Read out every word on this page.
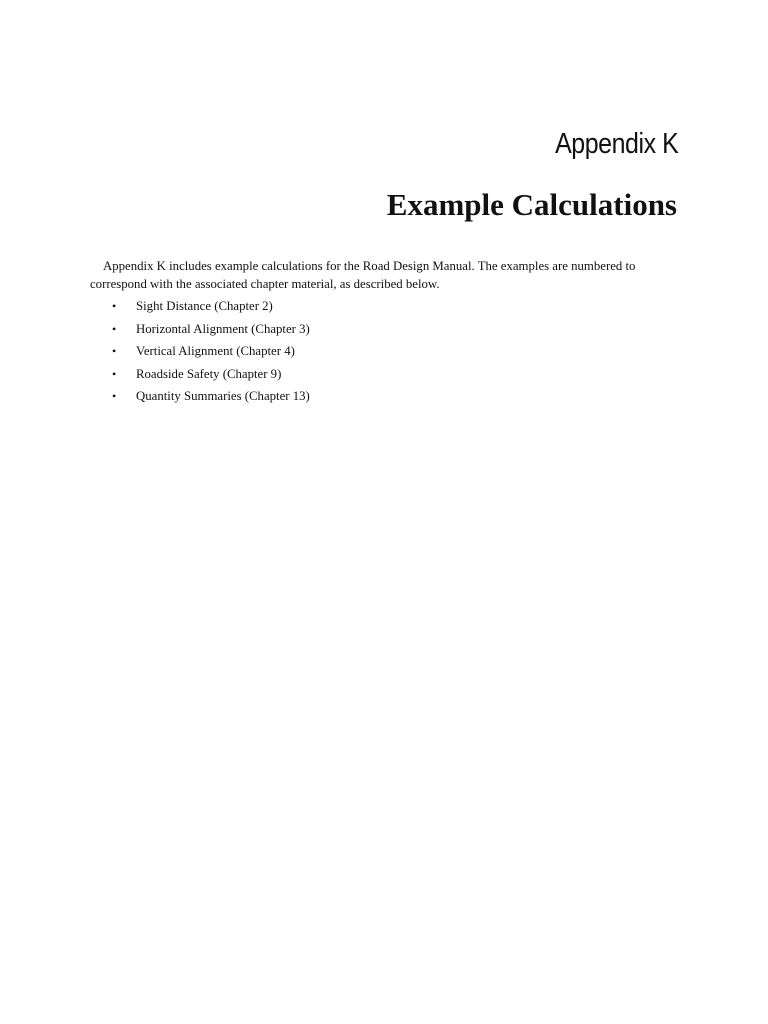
Appendix K
Example Calculations

Appendix K includes example calculations for the Road Design Manual. The examples are numbered to correspond with the associated chapter material, as described below.

• Sight Distance (Chapter 2)
• Horizontal Alignment (Chapter 3)
• Vertical Alignment (Chapter 4)
• Roadside Safety (Chapter 9)
• Quantity Summaries (Chapter 13)
